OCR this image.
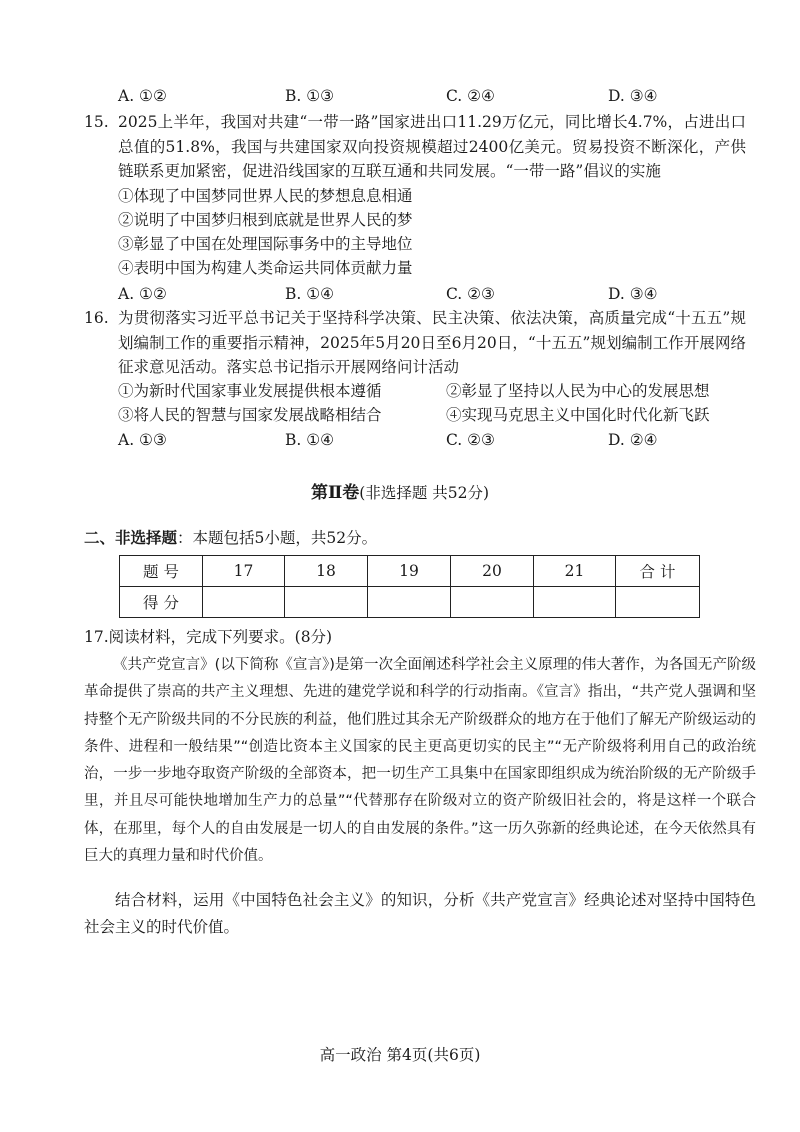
A. ①②	B. ①③	C. ②④	D. ③④
15. 2025上半年，我国对共建“一带一路”国家进出口11.29万亿元，同比增长4.7%，占进出口总值的51.8%，我国与共建国家双向投资规模超过2400亿美元。贸易投资不断深化，产供链联系更加紧密，促进沿线国家的互联互通和共同发展。“一带一路”倡议的实施
①体现了中国梦同世界人民的梦想息息相通
②说明了中国梦归根到底就是世界人民的梦
③彰显了中国在处理国际事务中的主导地位
④表明中国为构建人类命运共同体贡献力量
A. ①②	B. ①④	C. ②③	D. ③④
16. 为贯彻落实习近平总书记关于坚持科学决策、民主决策、依法决策，高质量完成“十五五”规划编制工作的重要指示精神，2025年5月20日至6月20日，“十五五”规划编制工作开展网络征求意见活动。落实总书记指示开展网络问计活动
①为新时代国家事业发展提供根本遵循	②彰显了坚持以人民为中心的发展思想
③将人民的智慧与国家发展战略相结合	④实现马克思主义中国化时代化新飞跃
A. ①③	B. ①④	C. ②③	D. ②④
第Ⅱ卷(非选择题 共52分)
二、非选择题：本题包括5小题，共52分。
题 号	17	18	19	20	21	合 计
得 分						
17.阅读材料，完成下列要求。(8分)
《共产党宣言》(以下简称《宣言》)是第一次全面阐述科学社会主义原理的伟大著作，为各国无产阶级革命提供了崇高的共产主义理想、先进的建党学说和科学的行动指南。《宣言》指出，“共产党人强调和坚持整个无产阶级共同的不分民族的利益，他们胜过其余无产阶级群众的地方在于他们了解无产阶级运动的条件、进程和一般结果”“创造比资本主义国家的民主更高更切实的民主”“无产阶级将利用自己的政治统治，一步一步地夺取资产阶级的全部资本，把一切生产工具集中在国家即组织成为统治阶级的无产阶级手里，并且尽可能快地增加生产力的总量”“代替那存在阶级对立的资产阶级旧社会的，将是这样一个联合体，在那里，每个人的自由发展是一切人的自由发展的条件。”这一历久弥新的经典论述，在今天依然具有巨大的真理力量和时代价值。
结合材料，运用《中国特色社会主义》的知识，分析《共产党宣言》经典论述对坚持中国特色社会主义的时代价值。
高一政治 第4页(共6页)
